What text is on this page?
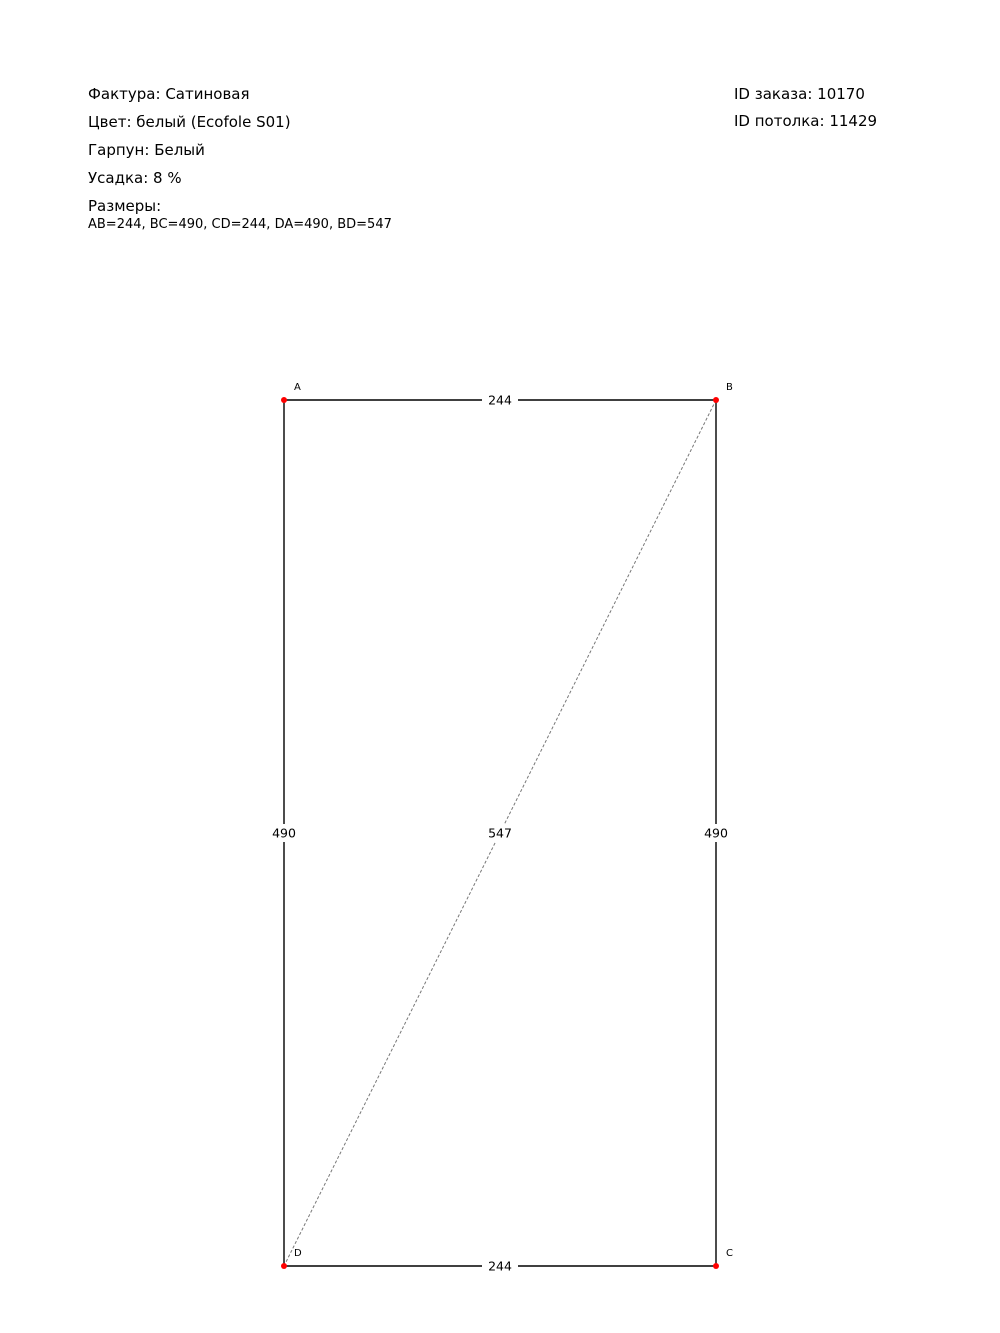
Фактура: Сатиновая
Цвет: белый (Ecofole S01)
Гарпун: Белый
Усадка: 8 %
Размеры:
AB=244, BC=490, CD=244, DA=490, BD=547
ID заказа: 10170
ID потолка: 11429
244
490
244
490	547
A	B
C
D
